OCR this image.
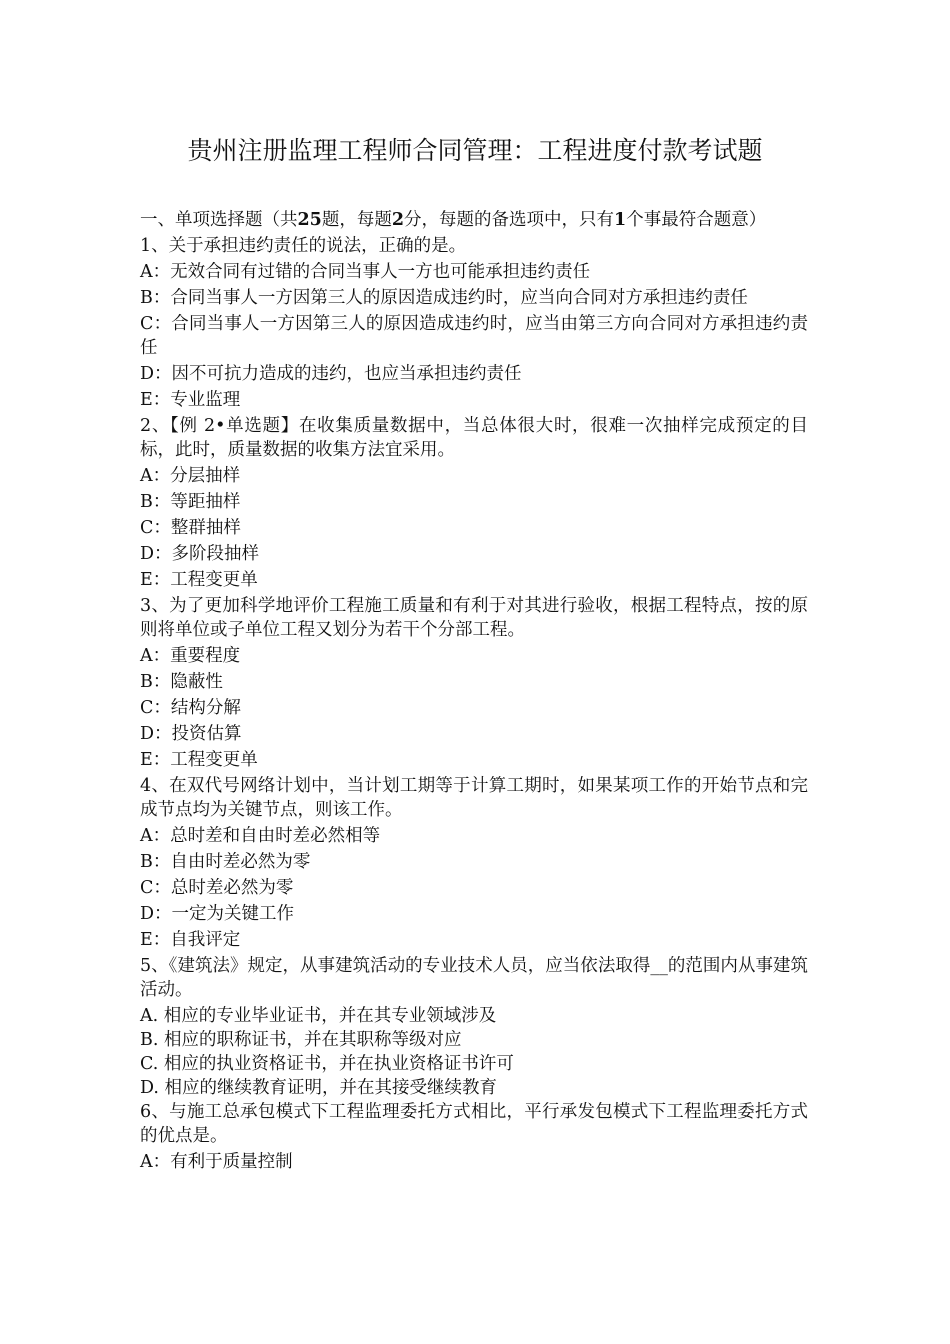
贵州注册监理工程师合同管理：工程进度付款考试题

一、单项选择题（共25题，每题2分，每题的备选项中，只有1个事最符合题意）

1、关于承担违约责任的说法，正确的是。

A：无效合同有过错的合同当事人一方也可能承担违约责任

B：合同当事人一方因第三人的原因造成违约时，应当向合同对方承担违约责任

C：合同当事人一方因第三人的原因造成违约时，应当由第三方向合同对方承担违约责任

D：因不可抗力造成的违约，也应当承担违约责任

E：专业监理

2、【例 2•单选题】在收集质量数据中，当总体很大时，很难一次抽样完成预定的目标，此时，质量数据的收集方法宜采用。

A：分层抽样

B：等距抽样

C：整群抽样

D：多阶段抽样

E：工程变更单

3、为了更加科学地评价工程施工质量和有利于对其进行验收，根据工程特点，按的原则将单位或子单位工程又划分为若干个分部工程。

A：重要程度

B：隐蔽性

C：结构分解

D：投资估算

E：工程变更单

4、在双代号网络计划中，当计划工期等于计算工期时，如果某项工作的开始节点和完成节点均为关键节点，则该工作。

A：总时差和自由时差必然相等

B：自由时差必然为零

C：总时差必然为零

D：一定为关键工作

E：自我评定

5、《建筑法》规定，从事建筑活动的专业技术人员，应当依法取得__的范围内从事建筑活动。

A. 相应的专业毕业证书，并在其专业领域涉及

B. 相应的职称证书，并在其职称等级对应

C. 相应的执业资格证书，并在执业资格证书许可

D. 相应的继续教育证明，并在其接受继续教育

6、与施工总承包模式下工程监理委托方式相比，平行承发包模式下工程监理委托方式的优点是。

A：有利于质量控制
